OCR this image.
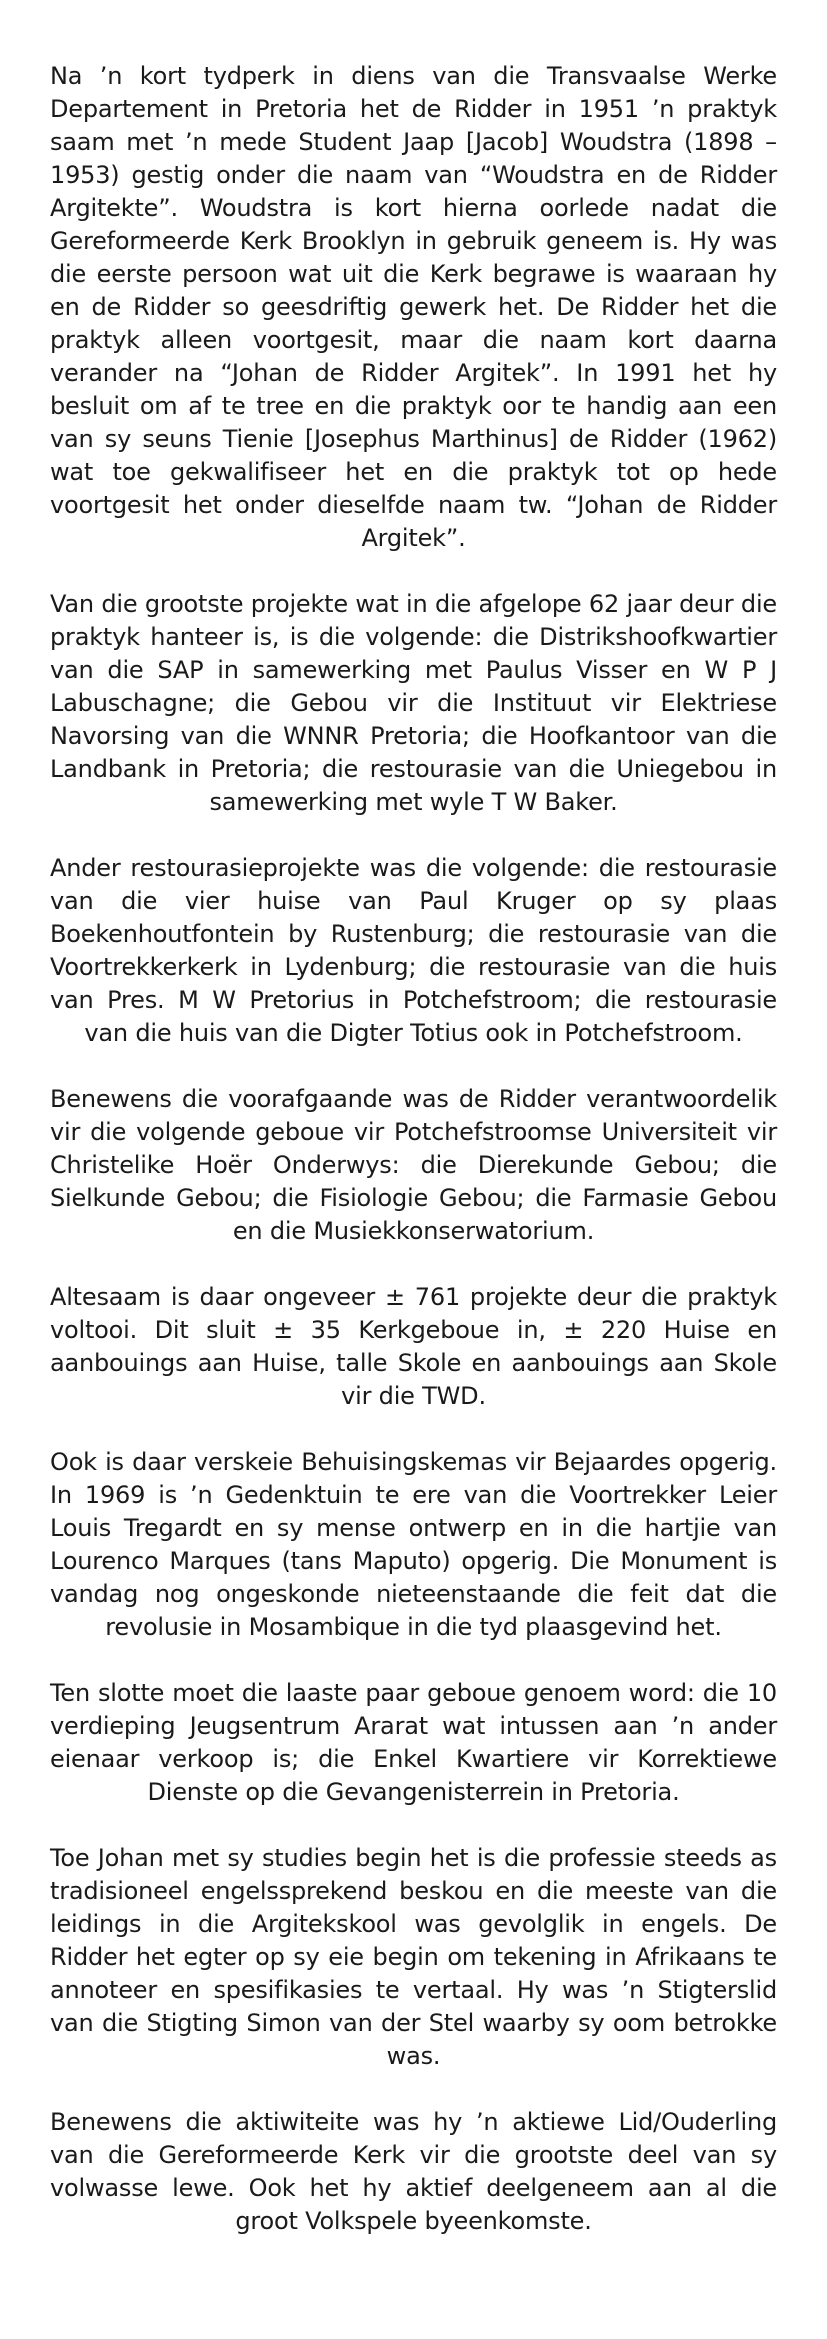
Na ’n kort tydperk in diens van die Transvaalse Werke Departement in Pretoria het de Ridder in 1951 ’n praktyk saam met ’n mede Student Jaap [Jacob] Woudstra (1898 – 1953) gestig onder die naam van “Woudstra en de Ridder Argitekte”. Woudstra is kort hierna oorlede nadat die Gereformeerde Kerk Brooklyn in gebruik geneem is. Hy was die eerste persoon wat uit die Kerk begrawe is waaraan hy en de Ridder so geesdriftig gewerk het. De Ridder het die praktyk alleen voortgesit, maar die naam kort daarna verander na “Johan de Ridder Argitek”. In 1991 het hy besluit om af te tree en die praktyk oor te handig aan een van sy seuns Tienie [Josephus Marthinus] de Ridder (1962) wat toe gekwalifiseer het en die praktyk tot op hede voortgesit het onder dieselfde naam tw. “Johan de Ridder Argitek”.

Van die grootste projekte wat in die afgelope 62 jaar deur die praktyk hanteer is, is die volgende: die Distrikshoofkwartier van die SAP in samewerking met Paulus Visser en W P J Labuschagne; die Gebou vir die Instituut vir Elektriese Navorsing van die WNNR Pretoria; die Hoofkantoor van die Landbank in Pretoria; die restourasie van die Uniegebou in samewerking met wyle T W Baker.

Ander restourasieprojekte was die volgende: die restourasie van die vier huise van Paul Kruger op sy plaas Boekenhoutfontein by Rustenburg; die restourasie van die Voortrekkerkerk in Lydenburg; die restourasie van die huis van Pres. M W Pretorius in Potchefstroom; die restourasie van die huis van die Digter Totius ook in Potchefstroom.

Benewens die voorafgaande was de Ridder verantwoordelik vir die volgende geboue vir Potchefstroomse Universiteit vir Christelike Hoër Onderwys: die Dierekunde Gebou; die Sielkunde Gebou; die Fisiologie Gebou; die Farmasie Gebou en die Musiekkonserwatorium.

Altesaam is daar ongeveer ± 761 projekte deur die praktyk voltooi. Dit sluit ± 35 Kerkgeboue in, ± 220 Huise en aanbouings aan Huise, talle Skole en aanbouings aan Skole vir die TWD.

Ook is daar verskeie Behuisingskemas vir Bejaardes opgerig. In 1969 is ’n Gedenktuin te ere van die Voortrekker Leier Louis Tregardt en sy mense ontwerp en in die hartjie van Lourenco Marques (tans Maputo) opgerig. Die Monument is vandag nog ongeskonde nieteenstaande die feit dat die revolusie in Mosambique in die tyd plaasgevind het.

Ten slotte moet die laaste paar geboue genoem word: die 10 verdieping Jeugsentrum Ararat wat intussen aan ’n ander eienaar verkoop is; die Enkel Kwartiere vir Korrektiewe Dienste op die Gevangenisterrein in Pretoria.

Toe Johan met sy studies begin het is die professie steeds as tradisioneel engelssprekend beskou en die meeste van die leidings in die Argitekskool was gevolglik in engels. De Ridder het egter op sy eie begin om tekening in Afrikaans te annoteer en spesifikasies te vertaal. Hy was ’n Stigterslid van die Stigting Simon van der Stel waarby sy oom betrokke was.

Benewens die aktiwiteite was hy ’n aktiewe Lid/Ouderling van die Gereformeerde Kerk vir die grootste deel van sy volwasse lewe. Ook het hy aktief deelgeneem aan al die groot Volkspele byeenkomste.
